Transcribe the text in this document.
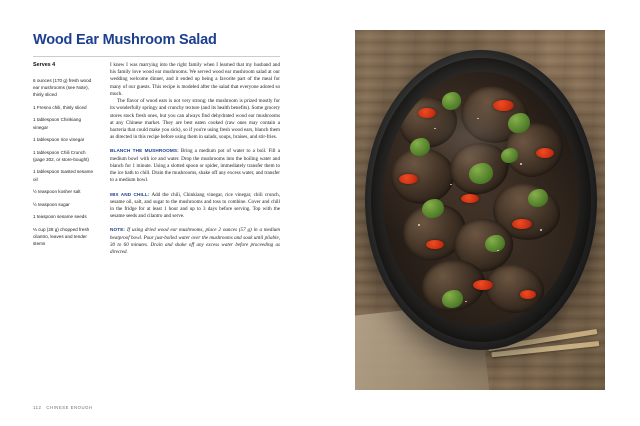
Wood Ear Mushroom Salad
Serves 4
6 ounces (170 g) fresh wood ear mushrooms (see Note), thinly sliced
1 Fresno chili, thinly sliced
1 tablespoon Chinkiang vinegar
1 tablespoon rice vinegar
1 tablespoon Chili Crunch (page 302, or store-bought)
1 tablespoon toasted sesame oil
½ teaspoon kosher salt
½ teaspoon sugar
1 teaspoon sesame seeds
⅓ cup (28 g) chopped fresh cilantro, leaves and tender stems

I knew I was marrying into the right family when I learned that my husband and his family love wood ear mushrooms. We served wood ear mushroom salad at our wedding welcome dinner, and it ended up being a favorite part of the meal for many of our guests. This recipe is modeled after the salad that everyone adored so much.

The flavor of wood ears is not very strong; the mushroom is prized mostly for its wonderfully springy and crunchy texture (and its health benefits). Some grocery stores stock fresh ones, but you can always find dehydrated wood ear mushrooms at any Chinese market. They are best eaten cooked (raw ones may contain a bacteria that could make you sick), so if you're using fresh wood ears, blanch them as directed in this recipe before using them in salads, soups, braises, and stir-fries.

BLANCH THE MUSHROOMS: Bring a medium pot of water to a boil. Fill a medium bowl with ice and water. Drop the mushrooms into the boiling water and blanch for 1 minute. Using a slotted spoon or spider, immediately transfer them to the ice bath to chill. Drain the mushrooms, shake off any excess water, and transfer to a medium bowl.

MIX AND CHILL: Add the chili, Chinkiang vinegar, rice vinegar, chili crunch, sesame oil, salt, and sugar to the mushrooms and toss to combine. Cover and chill in the fridge for at least 1 hour and up to 3 days before serving. Top with the sesame seeds and cilantro and serve.

NOTE: If using dried wood ear mushrooms, place 2 ounces (57 g) in a medium heatproof bowl. Pour just-boiled water over the mushrooms and soak until pliable, 30 to 60 minutes. Drain and shake off any excess water before proceeding as directed.

112 CHINESE ENOUGH
